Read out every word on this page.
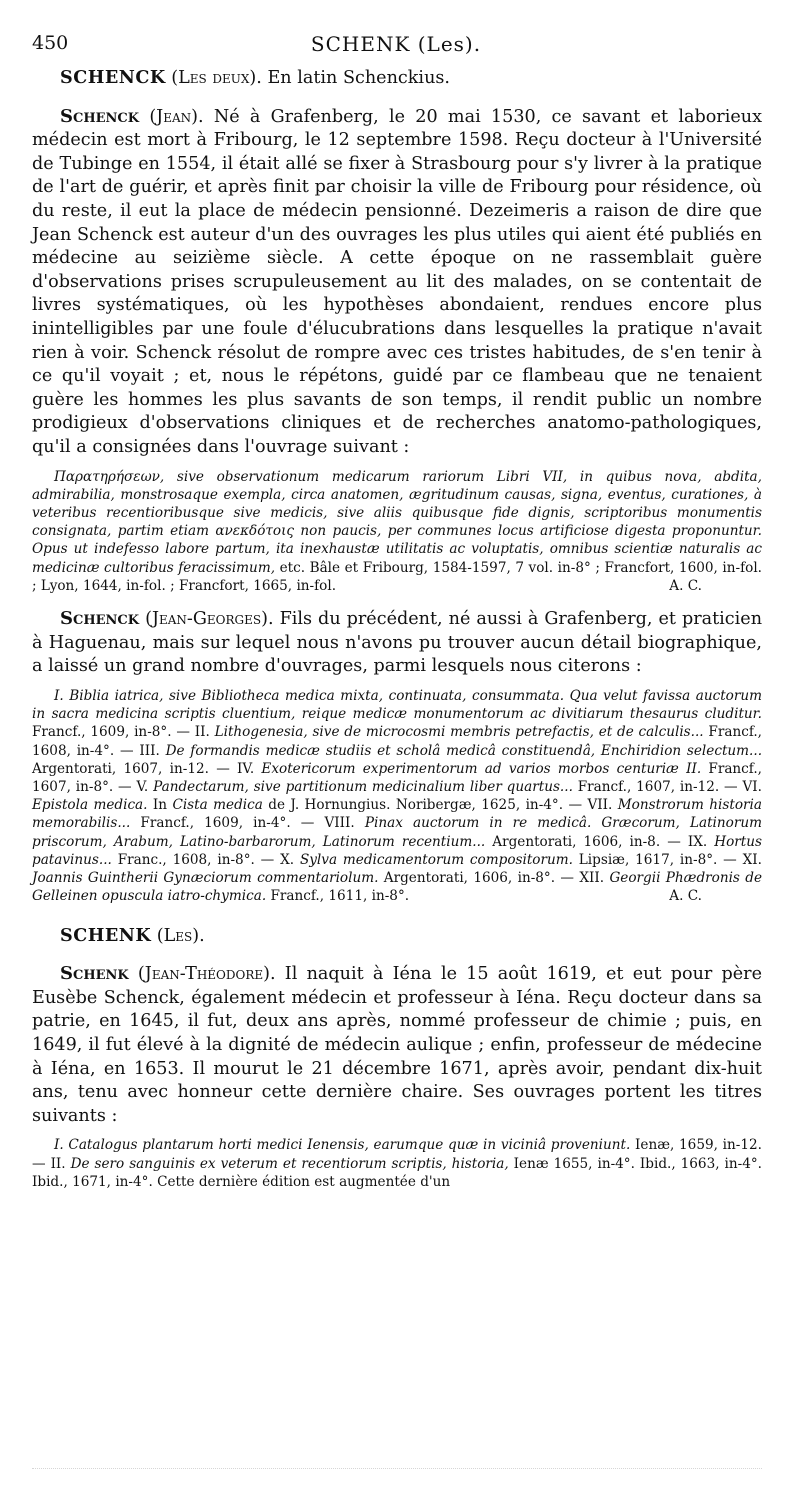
450	SCHENK (Les).

SCHENCK (Les deux). En latin Schenckius.

Schenck (Jean). Né à Grafenberg, le 20 mai 1530, ce savant et laborieux médecin est mort à Fribourg, le 12 septembre 1598. Reçu docteur à l'Université de Tubinge en 1554, il était allé se fixer à Strasbourg pour s'y livrer à la pratique de l'art de guérir, et après finit par choisir la ville de Fribourg pour résidence, où du reste, il eut la place de médecin pensionné. Dezeimeris a raison de dire que Jean Schenck est auteur d'un des ouvrages les plus utiles qui aient été publiés en médecine au seizième siècle. A cette époque on ne rassemblait guère d'observations prises scrupuleusement au lit des malades, on se contentait de livres systématiques, où les hypothèses abondaient, rendues encore plus inintelligibles par une foule d'élucubrations dans lesquelles la pratique n'avait rien à voir. Schenck résolut de rompre avec ces tristes habitudes, de s'en tenir à ce qu'il voyait ; et, nous le répétons, guidé par ce flambeau que ne tenaient guère les hommes les plus savants de son temps, il rendit public un nombre prodigieux d'observations cliniques et de recherches anatomo-pathologiques, qu'il a consignées dans l'ouvrage suivant :

Παρατηρήσεων, sive observationum medicarum rariorum Libri VII, in quibus nova, abdita, admirabilia, monstrosaque exempla, circa anatomen, ægritudinum causas, signa, eventus, curationes, à veteribus recentioribusque sive medicis, sive aliis quibusque fide dignis, scriptoribus monumentis consignata, partim etiam ανεκδότοις non paucis, per communes locus artificiose digesta proponuntur. Opus ut indefesso labore partum, ita inexhaustæ utilitatis ac voluptatis, omnibus scientiæ naturalis ac medicinæ cultoribus feracissimum, etc. Bâle et Fribourg, 1584-1597, 7 vol. in-8° ; Francfort, 1600, in-fol. ; Lyon, 1644, in-fol. ; Francfort, 1665, in-fol.	A. C.

Schenck (Jean-Georges). Fils du précédent, né aussi à Grafenberg, et praticien à Haguenau, mais sur lequel nous n'avons pu trouver aucun détail biographique, a laissé un grand nombre d'ouvrages, parmi lesquels nous citerons :

I. Biblia iatrica, sive Bibliotheca medica mixta, continuata, consummata. Qua velut favissa auctorum in sacra medicina scriptis cluentium, reique medicæ monumentorum ac divitiarum thesaurus cluditur. Francf., 1609, in-8°. — II. Lithogenesia, sive de microcosmi membris petrefactis, et de calculis... Francf., 1608, in-4°. — III. De formandis medicæ studiis et scholâ medicâ constituendâ, Enchiridion selectum... Argentorati, 1607, in-12. — IV. Exotericorum experimentorum ad varios morbos centuriæ II. Francf., 1607, in-8°. — V. Pandectarum, sive partitionum medicinalium liber quartus... Francf., 1607, in-12. — VI. Epistola medica. In Cista medica de J. Hornungius. Noribergæ, 1625, in-4°. — VII. Monstrorum historia memorabilis... Francf., 1609, in-4°. — VIII. Pinax auctorum in re medicâ. Græcorum, Latinorum priscorum, Arabum, Latino-barbarorum, Latinorum recentium... Argentorati, 1606, in-8. — IX. Hortus patavinus... Franc., 1608, in-8°. — X. Sylva medicamentorum compositorum. Lipsiæ, 1617, in-8°. — XI. Joannis Guintherii Gynæciorum commentariolum. Argentorati, 1606, in-8°. — XII. Georgii Phædronis de Gelleinen opuscula iatro-chymica. Francf., 1611, in-8°.	A. C.

SCHENK (Les).

Schenk (Jean-Théodore). Il naquit à Iéna le 15 août 1619, et eut pour père Eusèbe Schenck, également médecin et professeur à Iéna. Reçu docteur dans sa patrie, en 1645, il fut, deux ans après, nommé professeur de chimie ; puis, en 1649, il fut élevé à la dignité de médecin aulique ; enfin, professeur de médecine à Iéna, en 1653. Il mourut le 21 décembre 1671, après avoir, pendant dix-huit ans, tenu avec honneur cette dernière chaire. Ses ouvrages portent les titres suivants :

I. Catalogus plantarum horti medici Ienensis, earumque quæ in viciniâ proveniunt. Ienæ, 1659, in-12. — II. De sero sanguinis ex veterum et recentiorum scriptis, historia, Ienæ 1655, in-4°. Ibid., 1663, in-4°. Ibid., 1671, in-4°. Cette dernière édition est augmentée d'un
